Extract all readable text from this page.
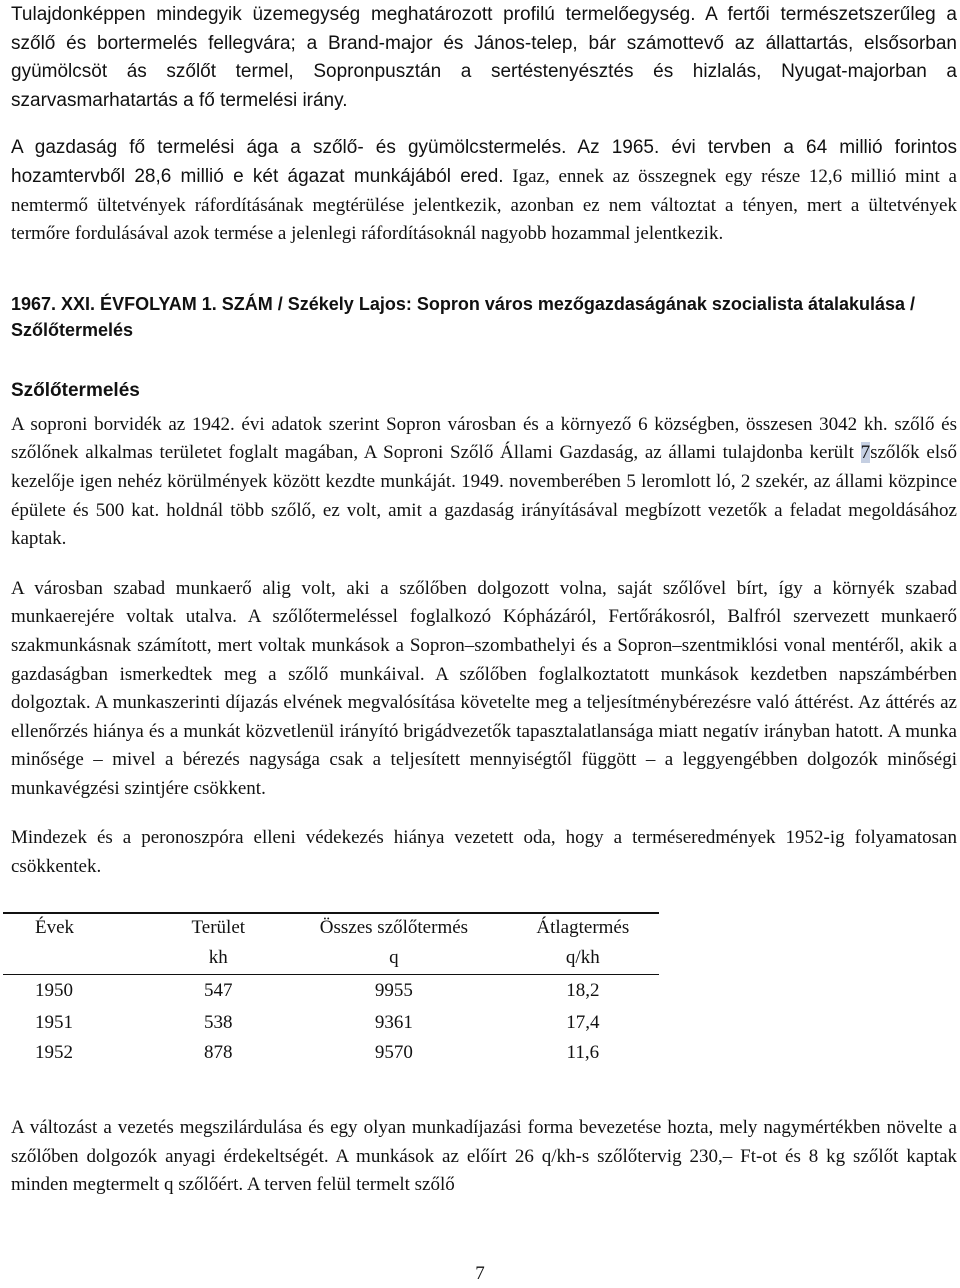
Tulajdonképpen mindegyik üzemegység meghatározott profilú termelőegység. A fertői természetszerűleg a szőlő és bortermelés fellegvára; a Brand-major és János-telep, bár számottevő az állattartás, elsősorban gyümölcsöt ás szőlőt termel, Sopronpusztán a sertéstenyésztés és hizlalás, Nyugat-majorban a szarvasmarhatartás a fő termelési irány.

A gazdaság fő termelési ága a szőlő- és gyümölcstermelés. Az 1965. évi tervben a 64 millió forintos hozamtervből 28,6 millió e két ágazat munkájából ered. Igaz, ennek az összegnek egy része 12,6 millió mint a nemtermő ültetvények ráfordításának megtérülése jelentkezik, azonban ez nem változtat a tényen, mert a ültetvények termőre fordulásával azok termése a jelenlegi ráfordításoknál nagyobb hozammal jelentkezik.

1967. XXI. ÉVFOLYAM 1. SZÁM / Székely Lajos: Sopron város mezőgazdaságának szocialista átalakulása / Szőlőtermelés
Szőlőtermelés

A soproni borvidék az 1942. évi adatok szerint Sopron városban és a környező 6 községben, összesen 3042 kh. szőlő és szőlőnek alkalmas területet foglalt magában, A Soproni Szőlő Állami Gazdaság, az állami tulajdonba került 7szőlők első kezelője igen nehéz körülmények között kezdte munkáját. 1949. novemberében 5 leromlott ló, 2 szekér, az állami közpince épülete és 500 kat. holdnál több szőlő, ez volt, amit a gazdaság irányításával megbízott vezetők a feladat megoldásához kaptak.

A városban szabad munkaerő alig volt, aki a szőlőben dolgozott volna, saját szőlővel bírt, így a környék szabad munkaerejére voltak utalva. A szőlőtermeléssel foglalkozó Kópházáról, Fertőrákosról, Balfról szervezett munkaerő szakmunkásnak számított, mert voltak munkások a Sopron–szombathelyi és a Sopron–szentmiklósi vonal mentéről, akik a gazdaságban ismerkedtek meg a szőlő munkáival. A szőlőben foglalkoztatott munkások kezdetben napszámbérben dolgoztak. A munkaszerinti díjazás elvének megvalósítása követelte meg a teljesítménybérezésre való áttérést. Az áttérés az ellenőrzés hiánya és a munkát közvetlenül irányító brigádvezetők tapasztalatlansága miatt negatív irányban hatott. A munka minősége – mivel a bérezés nagysága csak a teljesített mennyiségtől függött – a leggyengébben dolgozók minőségi munkavégzési szintjére csökkent.

Mindezek és a peronoszpóra elleni védekezés hiánya vezetett oda, hogy a terméseredmények 1952-ig folyamatosan csökkentek.

Évek	Terület	Összes szőlőtermés	Átlagtermés
	kh	q	q/kh
1950	547	9955	18,2
1951	538	9361	17,4
1952	878	9570	11,6

A változást a vezetés megszilárdulása és egy olyan munkadíjazási forma bevezetése hozta, mely nagymértékben növelte a szőlőben dolgozók anyagi érdekeltségét. A munkások az előírt 26 q/kh-s szőlőtervig 230,– Ft-ot és 8 kg szőlőt kaptak minden megtermelt q szőlőért. A terven felül termelt szőlő

7
